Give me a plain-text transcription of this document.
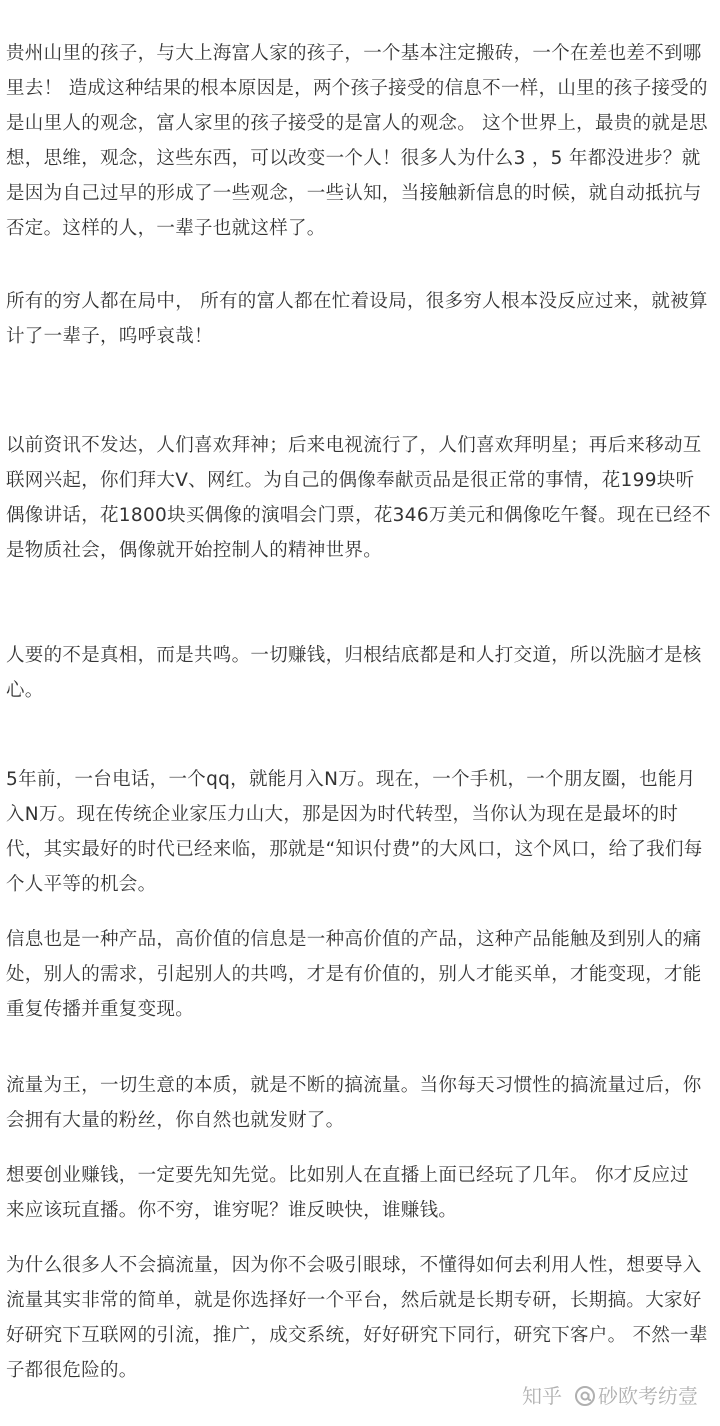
贵州山里的孩子，与大上海富人家的孩子，一个基本注定搬砖，一个在差也差不到哪里去！ 造成这种结果的根本原因是，两个孩子接受的信息不一样，山里的孩子接受的是山里人的观念，富人家里的孩子接受的是富人的观念。 这个世界上，最贵的就是思想，思维，观念，这些东西，可以改变一个人！很多人为什么3 ，5 年都没进步？就是因为自己过早的形成了一些观念，一些认知，当接触新信息的时候，就自动抵抗与否定。这样的人，一辈子也就这样了。

所有的穷人都在局中， 所有的富人都在忙着设局，很多穷人根本没反应过来，就被算计了一辈子，呜呼哀哉！

以前资讯不发达，人们喜欢拜神；后来电视流行了，人们喜欢拜明星；再后来移动互联网兴起，你们拜大V、网红。为自己的偶像奉献贡品是很正常的事情，花199块听偶像讲话，花1800块买偶像的演唱会门票，花346万美元和偶像吃午餐。现在已经不是物质社会，偶像就开始控制人的精神世界。

人要的不是真相，而是共鸣。一切赚钱，归根结底都是和人打交道，所以洗脑才是核心。

5年前，一台电话，一个qq，就能月入N万。现在，一个手机，一个朋友圈，也能月入N万。现在传统企业家压力山大，那是因为时代转型，当你认为现在是最坏的时代，其实最好的时代已经来临，那就是“知识付费”的大风口，这个风口，给了我们每个人平等的机会。

信息也是一种产品，高价值的信息是一种高价值的产品，这种产品能触及到别人的痛处，别人的需求，引起别人的共鸣，才是有价值的，别人才能买单，才能变现，才能重复传播并重复变现。

流量为王，一切生意的本质，就是不断的搞流量。当你每天习惯性的搞流量过后，你会拥有大量的粉丝，你自然也就发财了。

想要创业赚钱，一定要先知先觉。比如别人在直播上面已经玩了几年。 你才反应过 来应该玩直播。你不穷，谁穷呢？谁反映快，谁赚钱。

为什么很多人不会搞流量，因为你不会吸引眼球，不懂得如何去利用人性，想要导入流量其实非常的简单，就是你选择好一个平台，然后就是长期专研，长期搞。大家好好研究下互联网的引流，推广，成交系统，好好研究下同行，研究下客户。 不然一辈子都很危险的。

知乎 砂欧考纺壹
